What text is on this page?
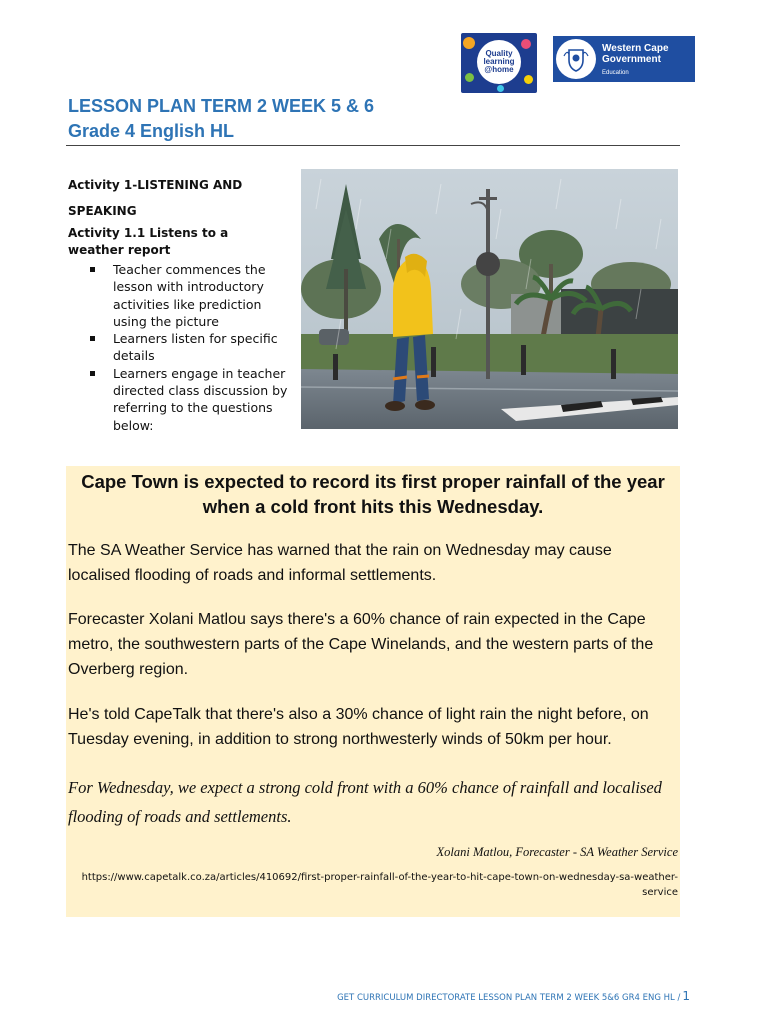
Quality
learning
@home
Western Cape
Government
Education
LESSON PLAN TERM 2 WEEK 5 & 6
Grade 4 English HL
Activity 1-LISTENING AND
SPEAKING
Activity 1.1 Listens to a weather report
Teacher commences the lesson with introductory activities like prediction using the picture
Learners listen for specific details
Learners engage in teacher directed class discussion by referring to the questions below:
Cape Town is expected to record its first proper rainfall of the year when a cold front hits this Wednesday.
The SA Weather Service has warned that the rain on Wednesday may cause localised flooding of roads and informal settlements.
Forecaster Xolani Matlou says there's a 60% chance of rain expected in the Cape metro, the southwestern parts of the Cape Winelands, and the western parts of the Overberg region.
He's told CapeTalk that there's also a 30% chance of light rain the night before, on Tuesday evening, in addition to strong northwesterly winds of 50km per hour.
For Wednesday, we expect a strong cold front with a 60% chance of rainfall and localised flooding of roads and settlements.
Xolani Matlou, Forecaster - SA Weather Service
https://www.capetalk.co.za/articles/410692/first-proper-rainfall-of-the-year-to-hit-cape-town-on-wednesday-sa-weather-service
GET CURRICULUM DIRECTORATE LESSON PLAN TERM 2 WEEK 5&6 GR4 ENG HL / 1
